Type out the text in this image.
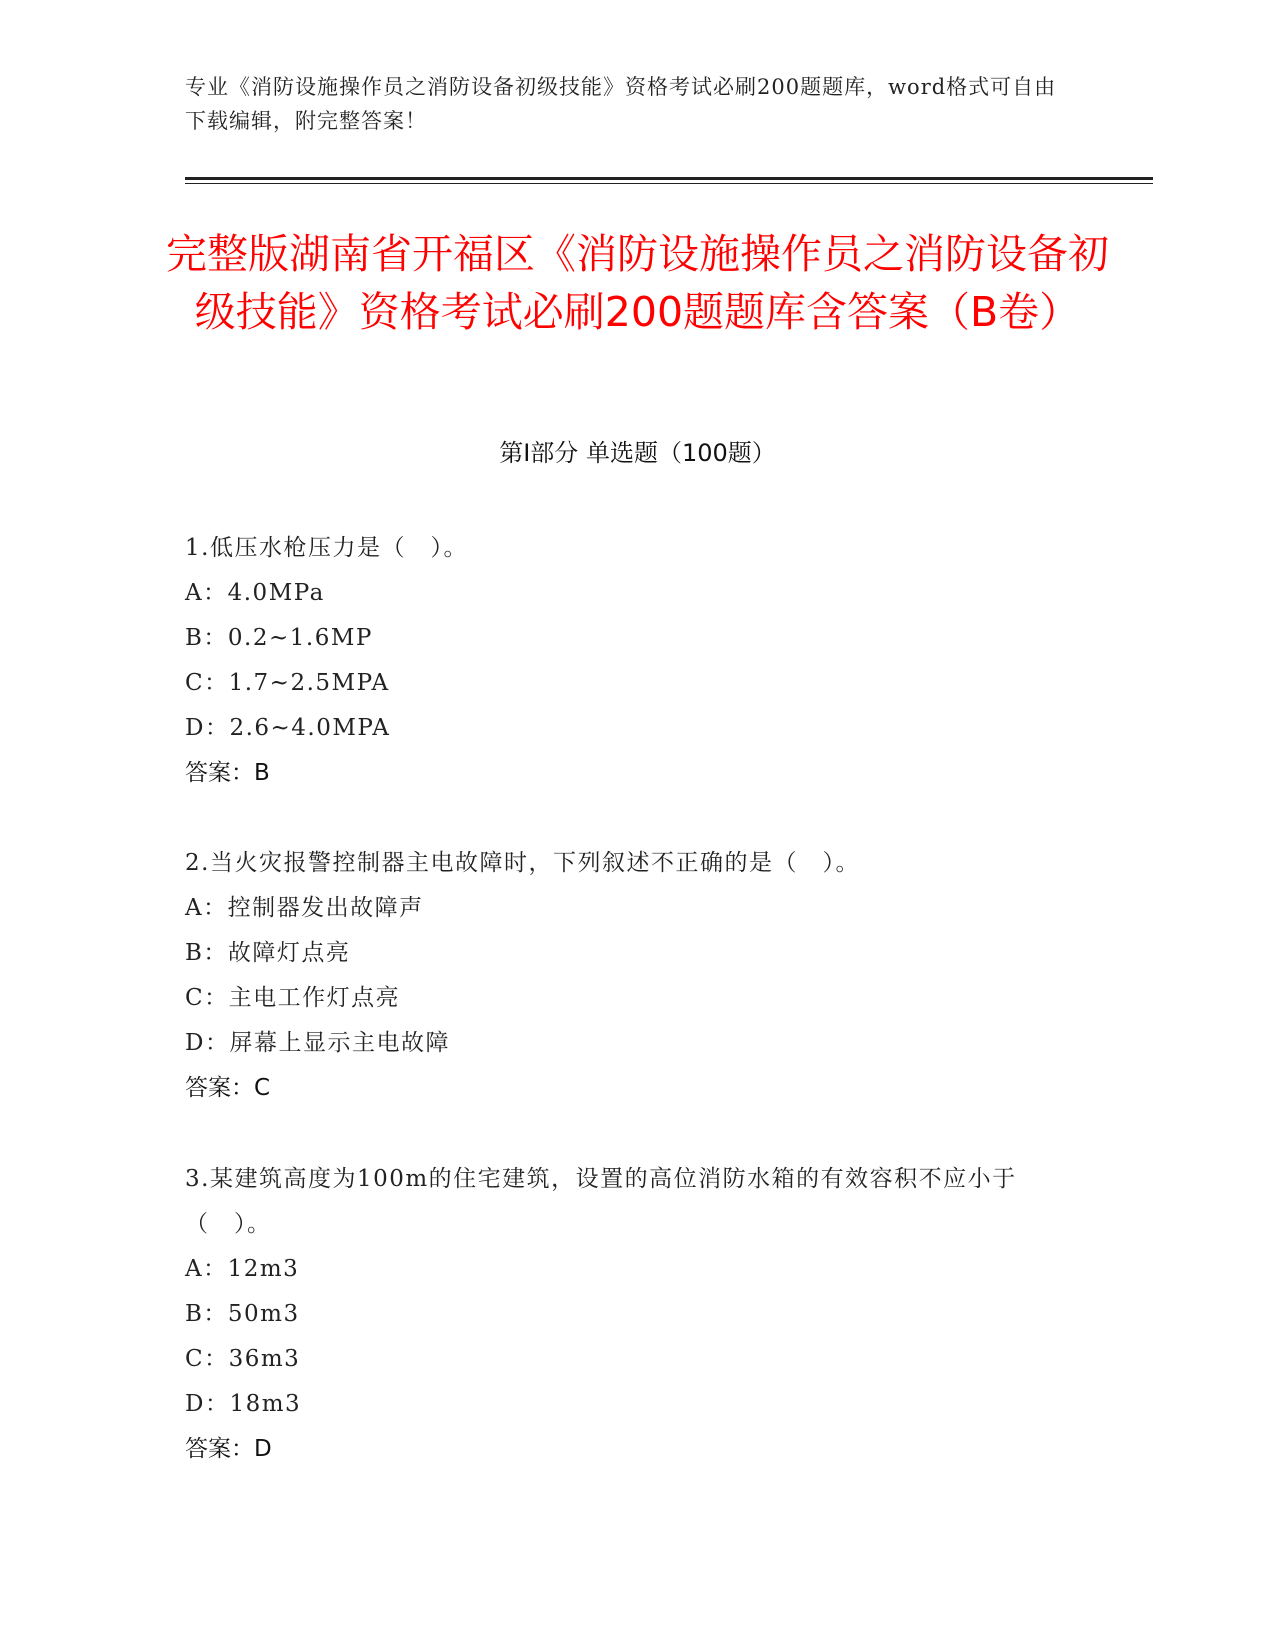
专业《消防设施操作员之消防设备初级技能》资格考试必刷200题题库，word格式可自由下载编辑，附完整答案！
完整版湖南省开福区《消防设施操作员之消防设备初级技能》资格考试必刷200题题库含答案（B卷）
第Ⅰ部分 单选题（100题）

1.低压水枪压力是（　）。

A：4.0MPa

B：0.2~1.6MP

C：1.7~2.5MPA

D：2.6~4.0MPA

答案：B

2.当火灾报警控制器主电故障时，下列叙述不正确的是（　）。

A：控制器发出故障声

B：故障灯点亮

C：主电工作灯点亮

D：屏幕上显示主电故障

答案：C

3.某建筑高度为100m的住宅建筑，设置的高位消防水箱的有效容积不应小于（　）。

A：12m3

B：50m3

C：36m3

D：18m3

答案：D
